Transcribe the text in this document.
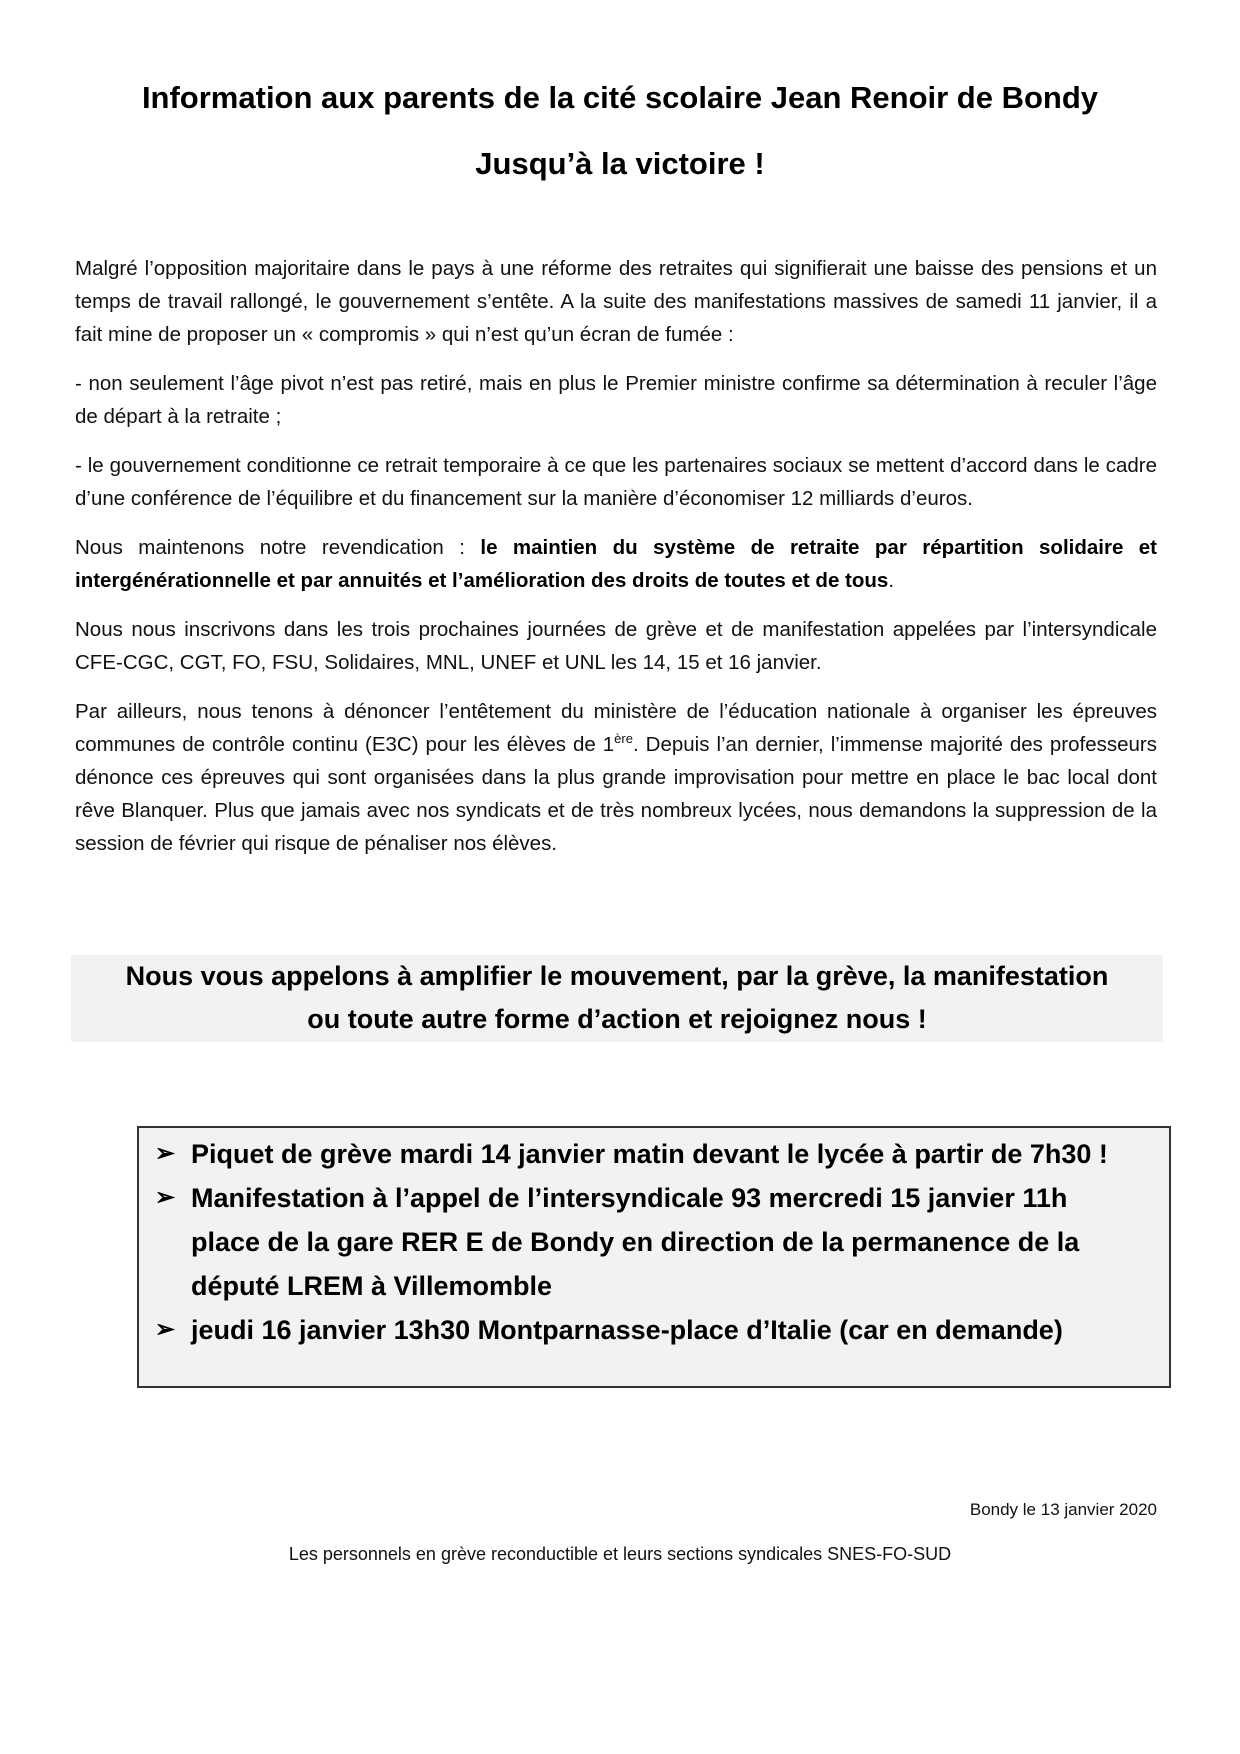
Information aux parents de la cité scolaire Jean Renoir de Bondy
Jusqu’à la victoire !

Malgré l’opposition majoritaire dans le pays à une réforme des retraites qui signifierait une baisse des pensions et un temps de travail rallongé, le gouvernement s’entête. A la suite des manifestations massives de samedi 11 janvier, il a fait mine de proposer un « compromis » qui n’est qu’un écran de fumée :

- non seulement l’âge pivot n’est pas retiré, mais en plus le Premier ministre confirme sa détermination à reculer l’âge de départ à la retraite ;

- le gouvernement conditionne ce retrait temporaire à ce que les partenaires sociaux se mettent d’accord dans le cadre d’une conférence de l’équilibre et du financement sur la manière d’économiser 12 milliards d’euros.

Nous maintenons notre revendication : le maintien du système de retraite par répartition solidaire et intergénérationnelle et par annuités et l’amélioration des droits de toutes et de tous.

Nous nous inscrivons dans les trois prochaines journées de grève et de manifestation appelées par l’intersyndicale CFE-CGC, CGT, FO, FSU, Solidaires, MNL, UNEF et UNL les 14, 15 et 16 janvier.

Par ailleurs, nous tenons à dénoncer l’entêtement du ministère de l’éducation nationale à organiser les épreuves communes de contrôle continu (E3C) pour les élèves de 1ère. Depuis l’an dernier, l’immense majorité des professeurs dénonce ces épreuves qui sont organisées dans la plus grande improvisation pour mettre en place le bac local dont rêve Blanquer. Plus que jamais avec nos syndicats et de très nombreux lycées, nous demandons la suppression de la session de février qui risque de pénaliser nos élèves.

Nous vous appelons à amplifier le mouvement, par la grève, la manifestation
ou toute autre forme d’action et rejoignez nous !
➢ Piquet de grève mardi 14 janvier matin devant le lycée à partir de 7h30 !
➢ Manifestation à l’appel de l’intersyndicale 93 mercredi 15 janvier 11h place de la gare RER E de Bondy en direction de la permanence de la député LREM à Villemomble
➢ jeudi 16 janvier 13h30 Montparnasse-place d’Italie (car en demande)
Bondy le 13 janvier 2020
Les personnels en grève reconductible et leurs sections syndicales SNES-FO-SUD
